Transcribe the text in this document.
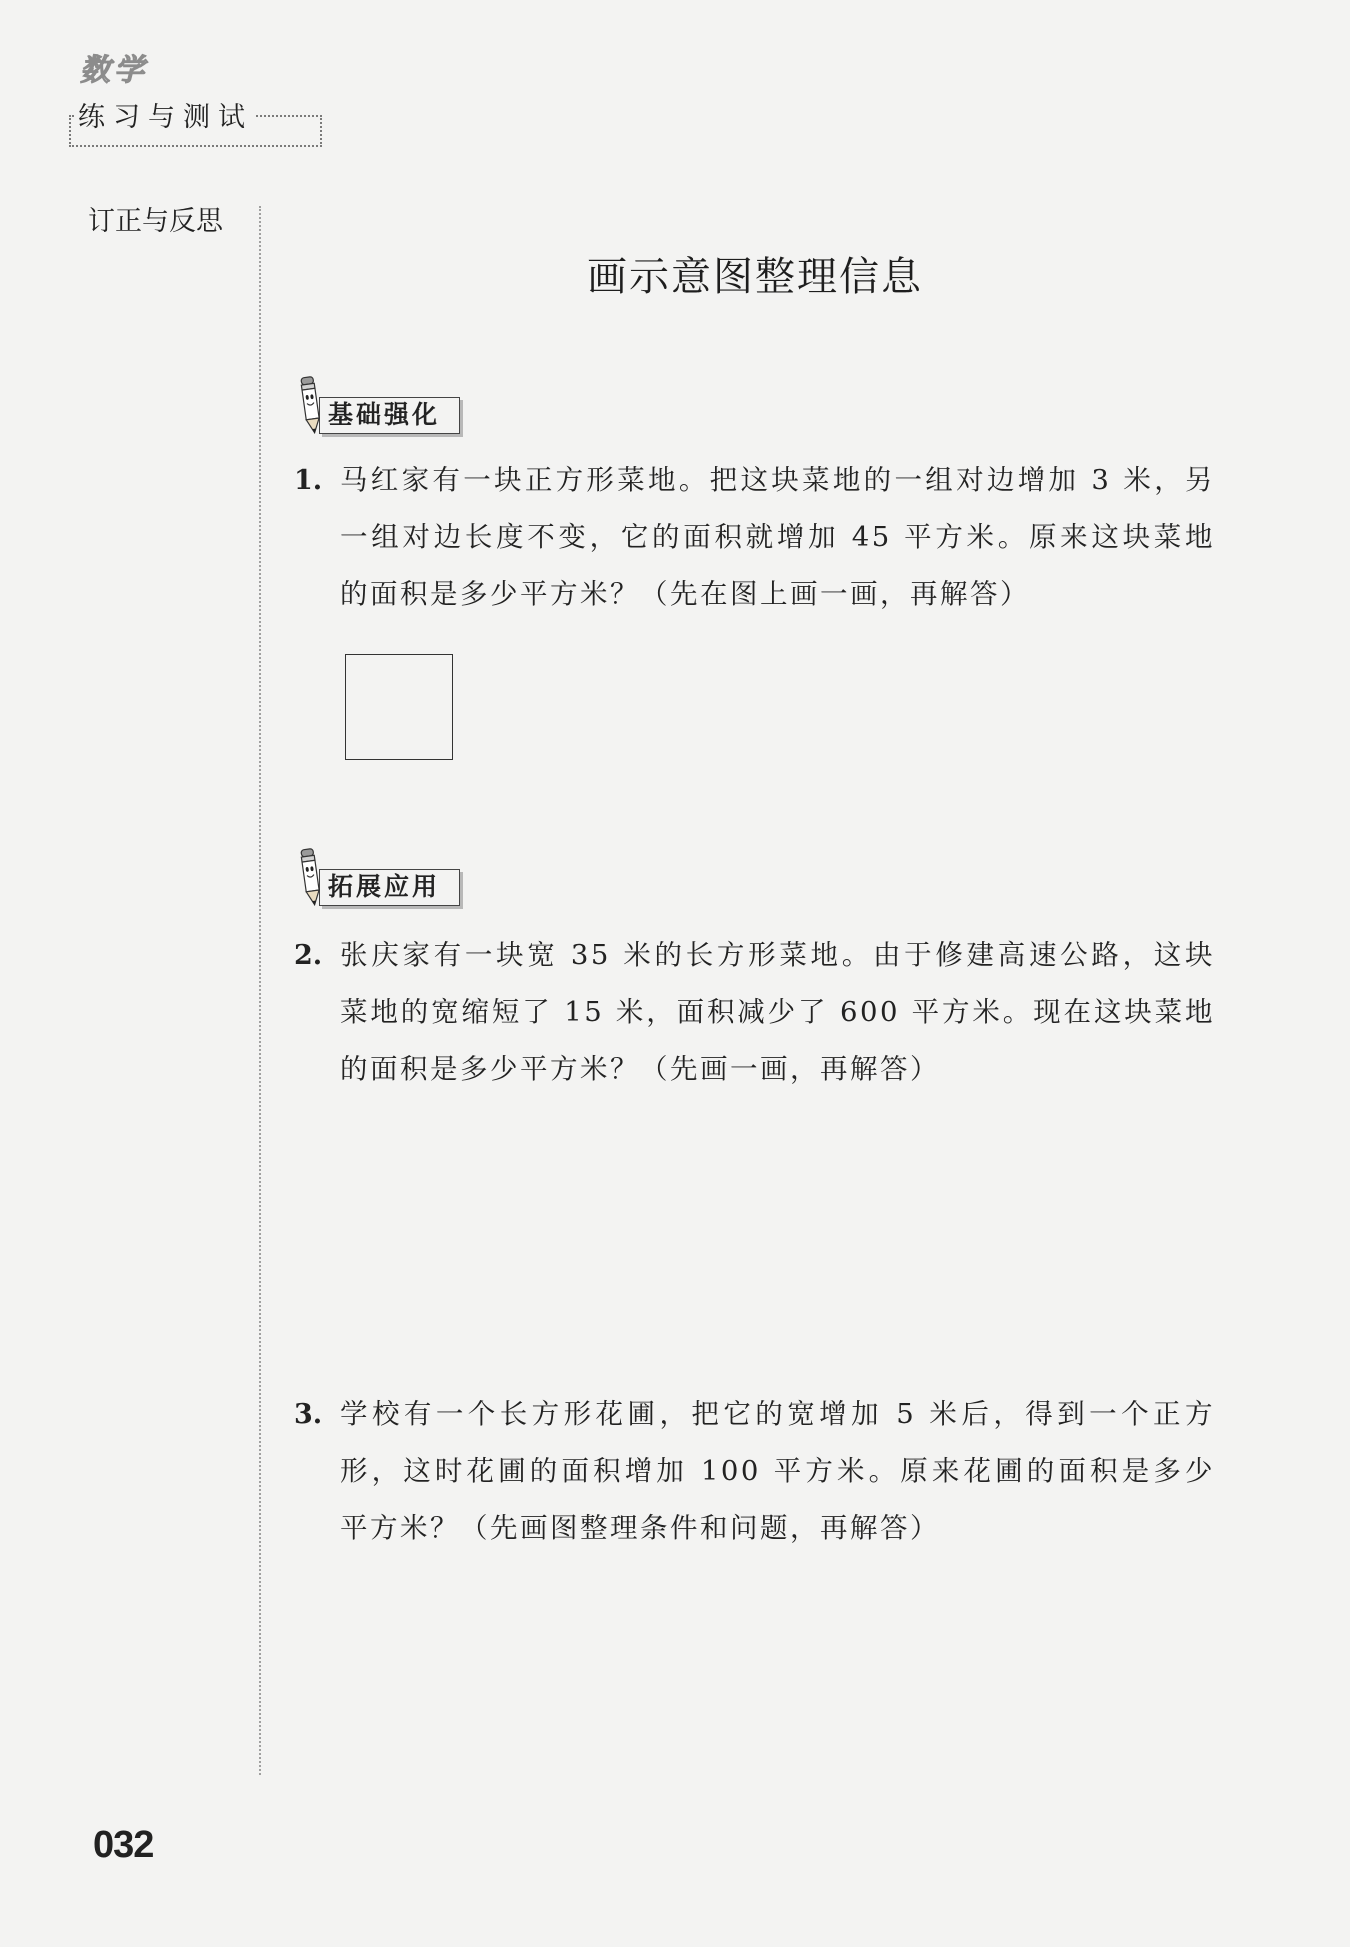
数学
练习与测试
订正与反思
画示意图整理信息
基础强化
1. 马红家有一块正方形菜地。把这块菜地的一组对边增加 3 米，另
一组对边长度不变，它的面积就增加 45 平方米。原来这块菜地
的面积是多少平方米？（先在图上画一画，再解答）
拓展应用
2. 张庆家有一块宽 35 米的长方形菜地。由于修建高速公路，这块
菜地的宽缩短了 15 米，面积减少了 600 平方米。现在这块菜地
的面积是多少平方米？（先画一画，再解答）
3. 学校有一个长方形花圃，把它的宽增加 5 米后，得到一个正方
形，这时花圃的面积增加 100 平方米。原来花圃的面积是多少
平方米？（先画图整理条件和问题，再解答）
032
